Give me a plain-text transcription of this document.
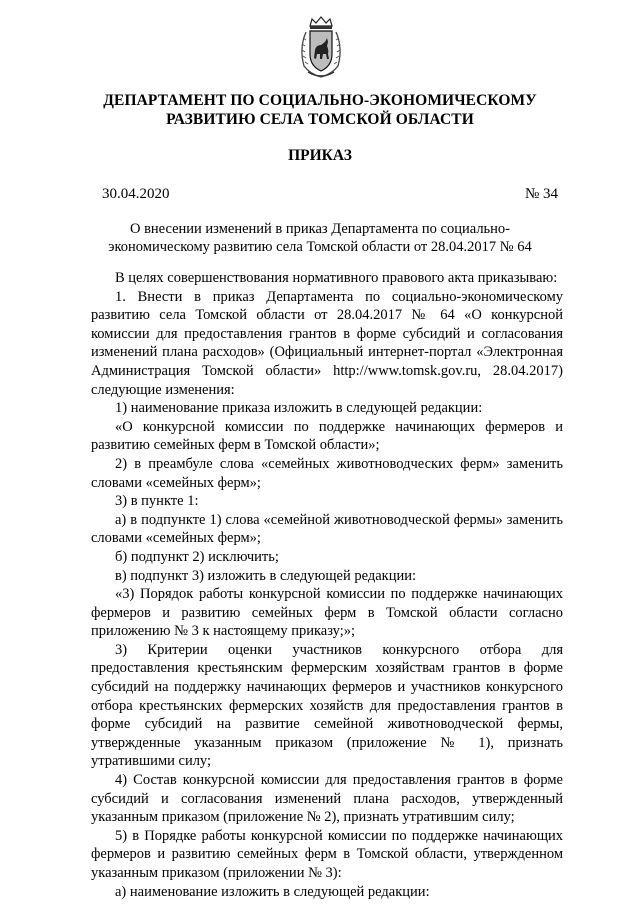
ДЕПАРТАМЕНТ ПО СОЦИАЛЬНО-ЭКОНОМИЧЕСКОМУ
РАЗВИТИЮ СЕЛА ТОМСКОЙ ОБЛАСТИ
ПРИКАЗ
30.04.2020	№ 34
О внесении изменений в приказ Департамента по социально-
экономическому развитию села Томской области от 28.04.2017 № 64

В целях совершенствования нормативного правового акта приказываю:

1. Внести в приказ Департамента по социально-экономическому развитию села Томской области от 28.04.2017 № 64 «О конкурсной комиссии для предоставления грантов в форме субсидий и согласования изменений плана расходов» (Официальный интернет-портал «Электронная Администрация Томской области» http://www.tomsk.gov.ru, 28.04.2017) следующие изменения:

1) наименование приказа изложить в следующей редакции:

«О конкурсной комиссии по поддержке начинающих фермеров и развитию семейных ферм в Томской области»;

2) в преамбуле слова «семейных животноводческих ферм» заменить словами «семейных ферм»;

3) в пункте 1:

а) в подпункте 1) слова «семейной животноводческой фермы» заменить словами «семейных ферм»;

б) подпункт 2) исключить;

в) подпункт 3) изложить в следующей редакции:

«3) Порядок работы конкурсной комиссии по поддержке начинающих фермеров и развитию семейных ферм в Томской области согласно приложению № 3 к настоящему приказу;»;

3) Критерии оценки участников конкурсного отбора для предоставления крестьянским фермерским хозяйствам грантов в форме субсидий на поддержку начинающих фермеров и участников конкурсного отбора крестьянских фермерских хозяйств для предоставления грантов в форме субсидий на развитие семейной животноводческой фермы, утвержденные указанным приказом (приложение № 1), признать утратившими силу;

4) Состав конкурсной комиссии для предоставления грантов в форме субсидий и согласования изменений плана расходов, утвержденный указанным приказом (приложение № 2), признать утратившим силу;

5) в Порядке работы конкурсной комиссии по поддержке начинающих фермеров и развитию семейных ферм в Томской области, утвержденном указанным приказом (приложении № 3):

а) наименование изложить в следующей редакции:
